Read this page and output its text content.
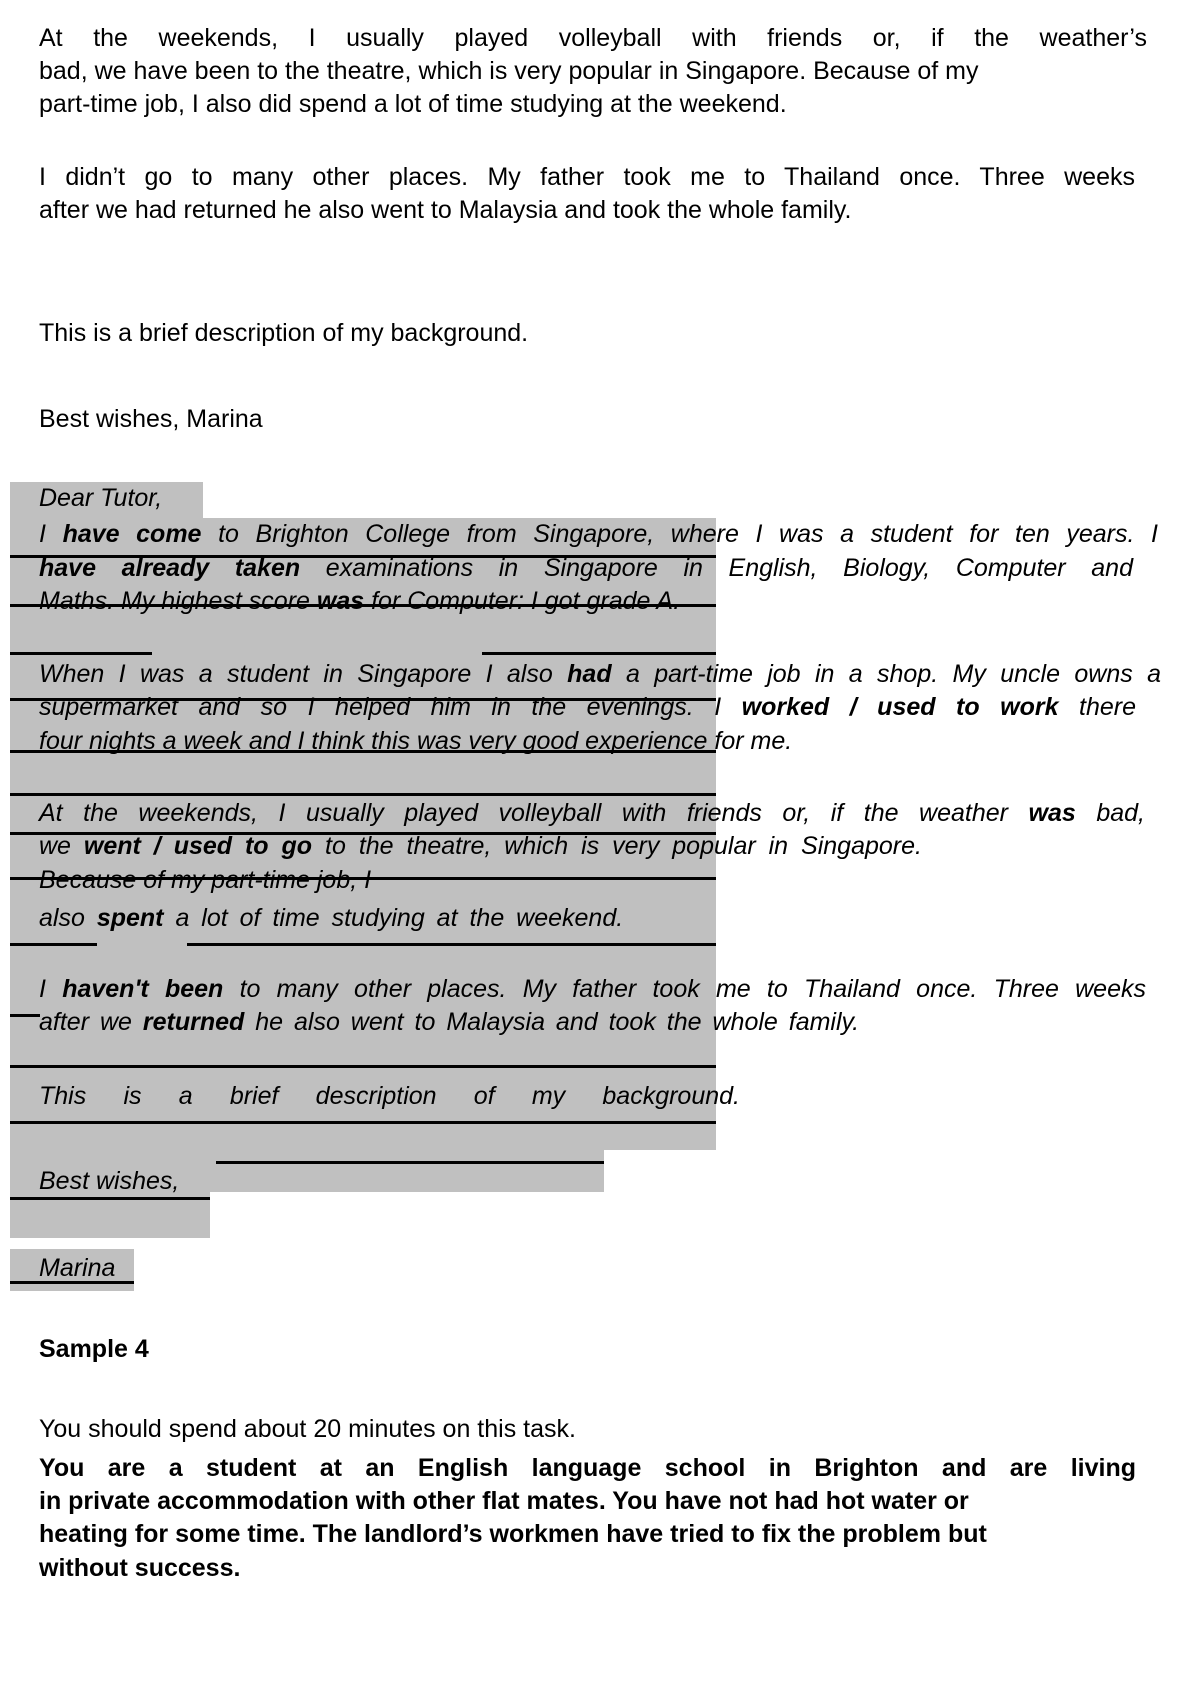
At the weekends, I usually played volleyball with friends or, if the weather’s

bad, we have been to the theatre, which is very popular in Singapore. Because of my

part-time job, I also did spend a lot of time studying at the weekend.

I didn’t go to many other places. My father took me to Thailand once. Three weeks

after we had returned he also went to Malaysia and took the whole family.

This is a brief description of my background.

Best wishes, Marina

Dear Tutor,

I have come to Brighton College from Singapore, where I was a student for ten years. I

have already taken examinations in Singapore in English, Biology, Computer and

Maths. My highest score was for Computer: I got grade A.

When I was a student in Singapore I also had a part-time job in a shop. My uncle owns a

supermarket and so I helped him in the evenings. I worked / used to work there

four nights a week and I think this was very good experience for me.

At the weekends, I usually played volleyball with friends or, if the weather was bad,

we went / used to go to the theatre, which is very popular in Singapore.

Because of my part-time job, I

also spent a lot of time studying at the weekend.

I haven't been to many other places. My father took me to Thailand once. Three weeks

after we returned he also went to Malaysia and took the whole family.

This is a brief description of my background.

Best wishes,

Marina

Sample 4

You should spend about 20 minutes on this task.

You are a student at an English language school in Brighton and are living

in private accommodation with other flat mates. You have not had hot water or

heating for some time. The landlord’s workmen have tried to fix the problem but

without success.
